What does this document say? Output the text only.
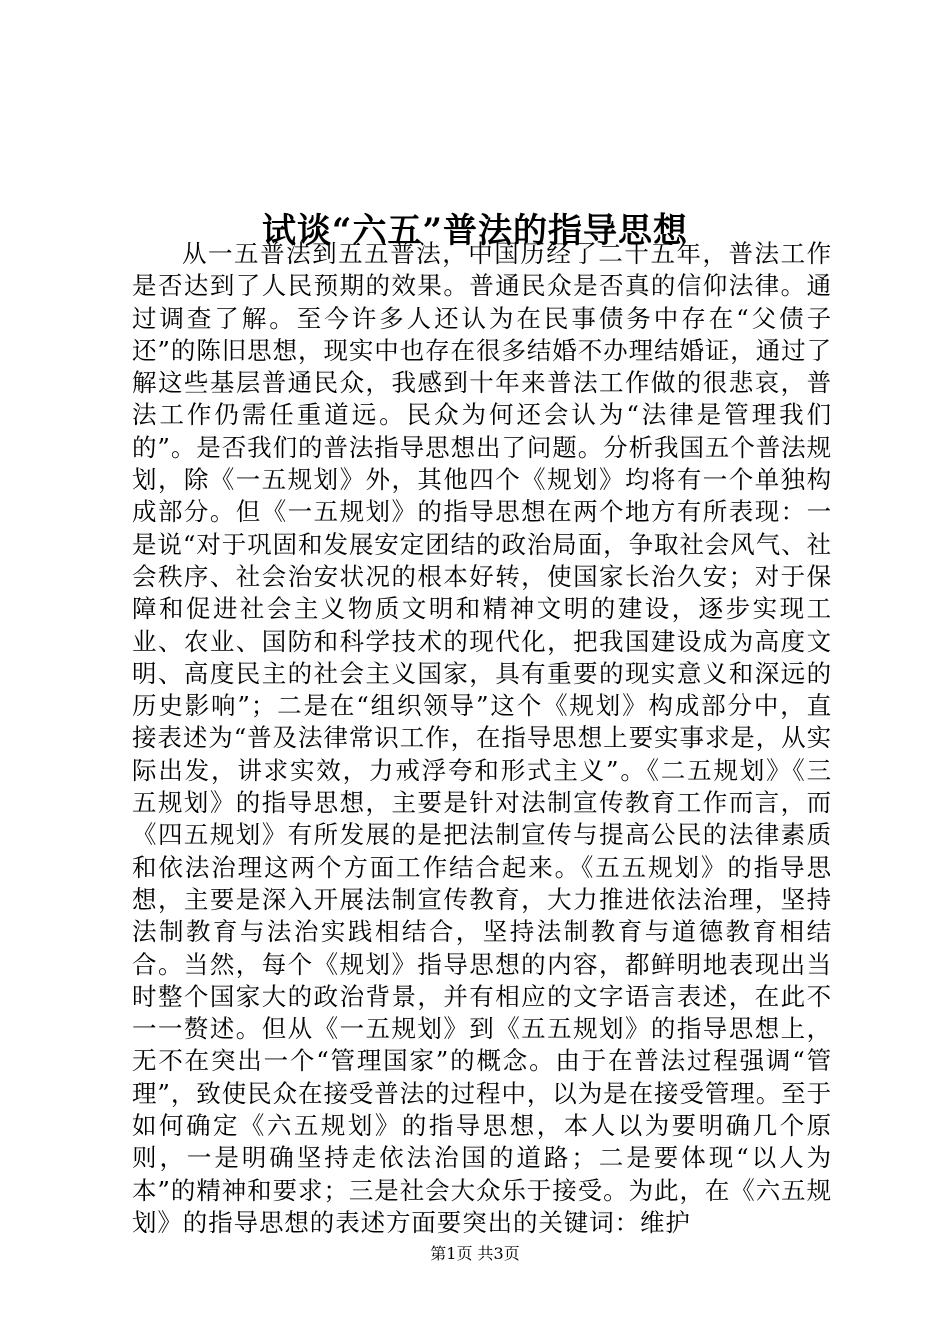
试谈“六五”普法的指导思想

从一五普法到五五普法，中国历经了二十五年，普法工作是否达到了人民预期的效果。普通民众是否真的信仰法律。通过调查了解。至今许多人还认为在民事债务中存在“父债子还”的陈旧思想，现实中也存在很多结婚不办理结婚证，通过了解这些基层普通民众，我感到十年来普法工作做的很悲哀，普法工作仍需任重道远。民众为何还会认为“法律是管理我们的”。是否我们的普法指导思想出了问题。分析我国五个普法规划，除《一五规划》外，其他四个《规划》均将有一个单独构成部分。但《一五规划》的指导思想在两个地方有所表现：一是说“对于巩固和发展安定团结的政治局面，争取社会风气、社会秩序、社会治安状况的根本好转，使国家长治久安；对于保障和促进社会主义物质文明和精神文明的建设，逐步实现工业、农业、国防和科学技术的现代化，把我国建设成为高度文明、高度民主的社会主义国家，具有重要的现实意义和深远的历史影响”；二是在“组织领导”这个《规划》构成部分中，直接表述为“普及法律常识工作，在指导思想上要实事求是，从实际出发，讲求实效，力戒浮夸和形式主义”。《二五规划》《三五规划》的指导思想，主要是针对法制宣传教育工作而言，而《四五规划》有所发展的是把法制宣传与提高公民的法律素质和依法治理这两个方面工作结合起来。《五五规划》的指导思想，主要是深入开展法制宣传教育，大力推进依法治理，坚持法制教育与法治实践相结合，坚持法制教育与道德教育相结合。当然，每个《规划》指导思想的内容，都鲜明地表现出当时整个国家大的政治背景，并有相应的文字语言表述，在此不一一赘述。但从《一五规划》到《五五规划》的指导思想上，无不在突出一个“管理国家”的概念。由于在普法过程强调“管理”，致使民众在接受普法的过程中，以为是在接受管理。至于如何确定《六五规划》的指导思想，本人以为要明确几个原则，一是明确坚持走依法治国的道路；二是要体现“以人为本”的精神和要求；三是社会大众乐于接受。为此，在《六五规划》的指导思想的表述方面要突出的关键词：维护

第1页 共3页
